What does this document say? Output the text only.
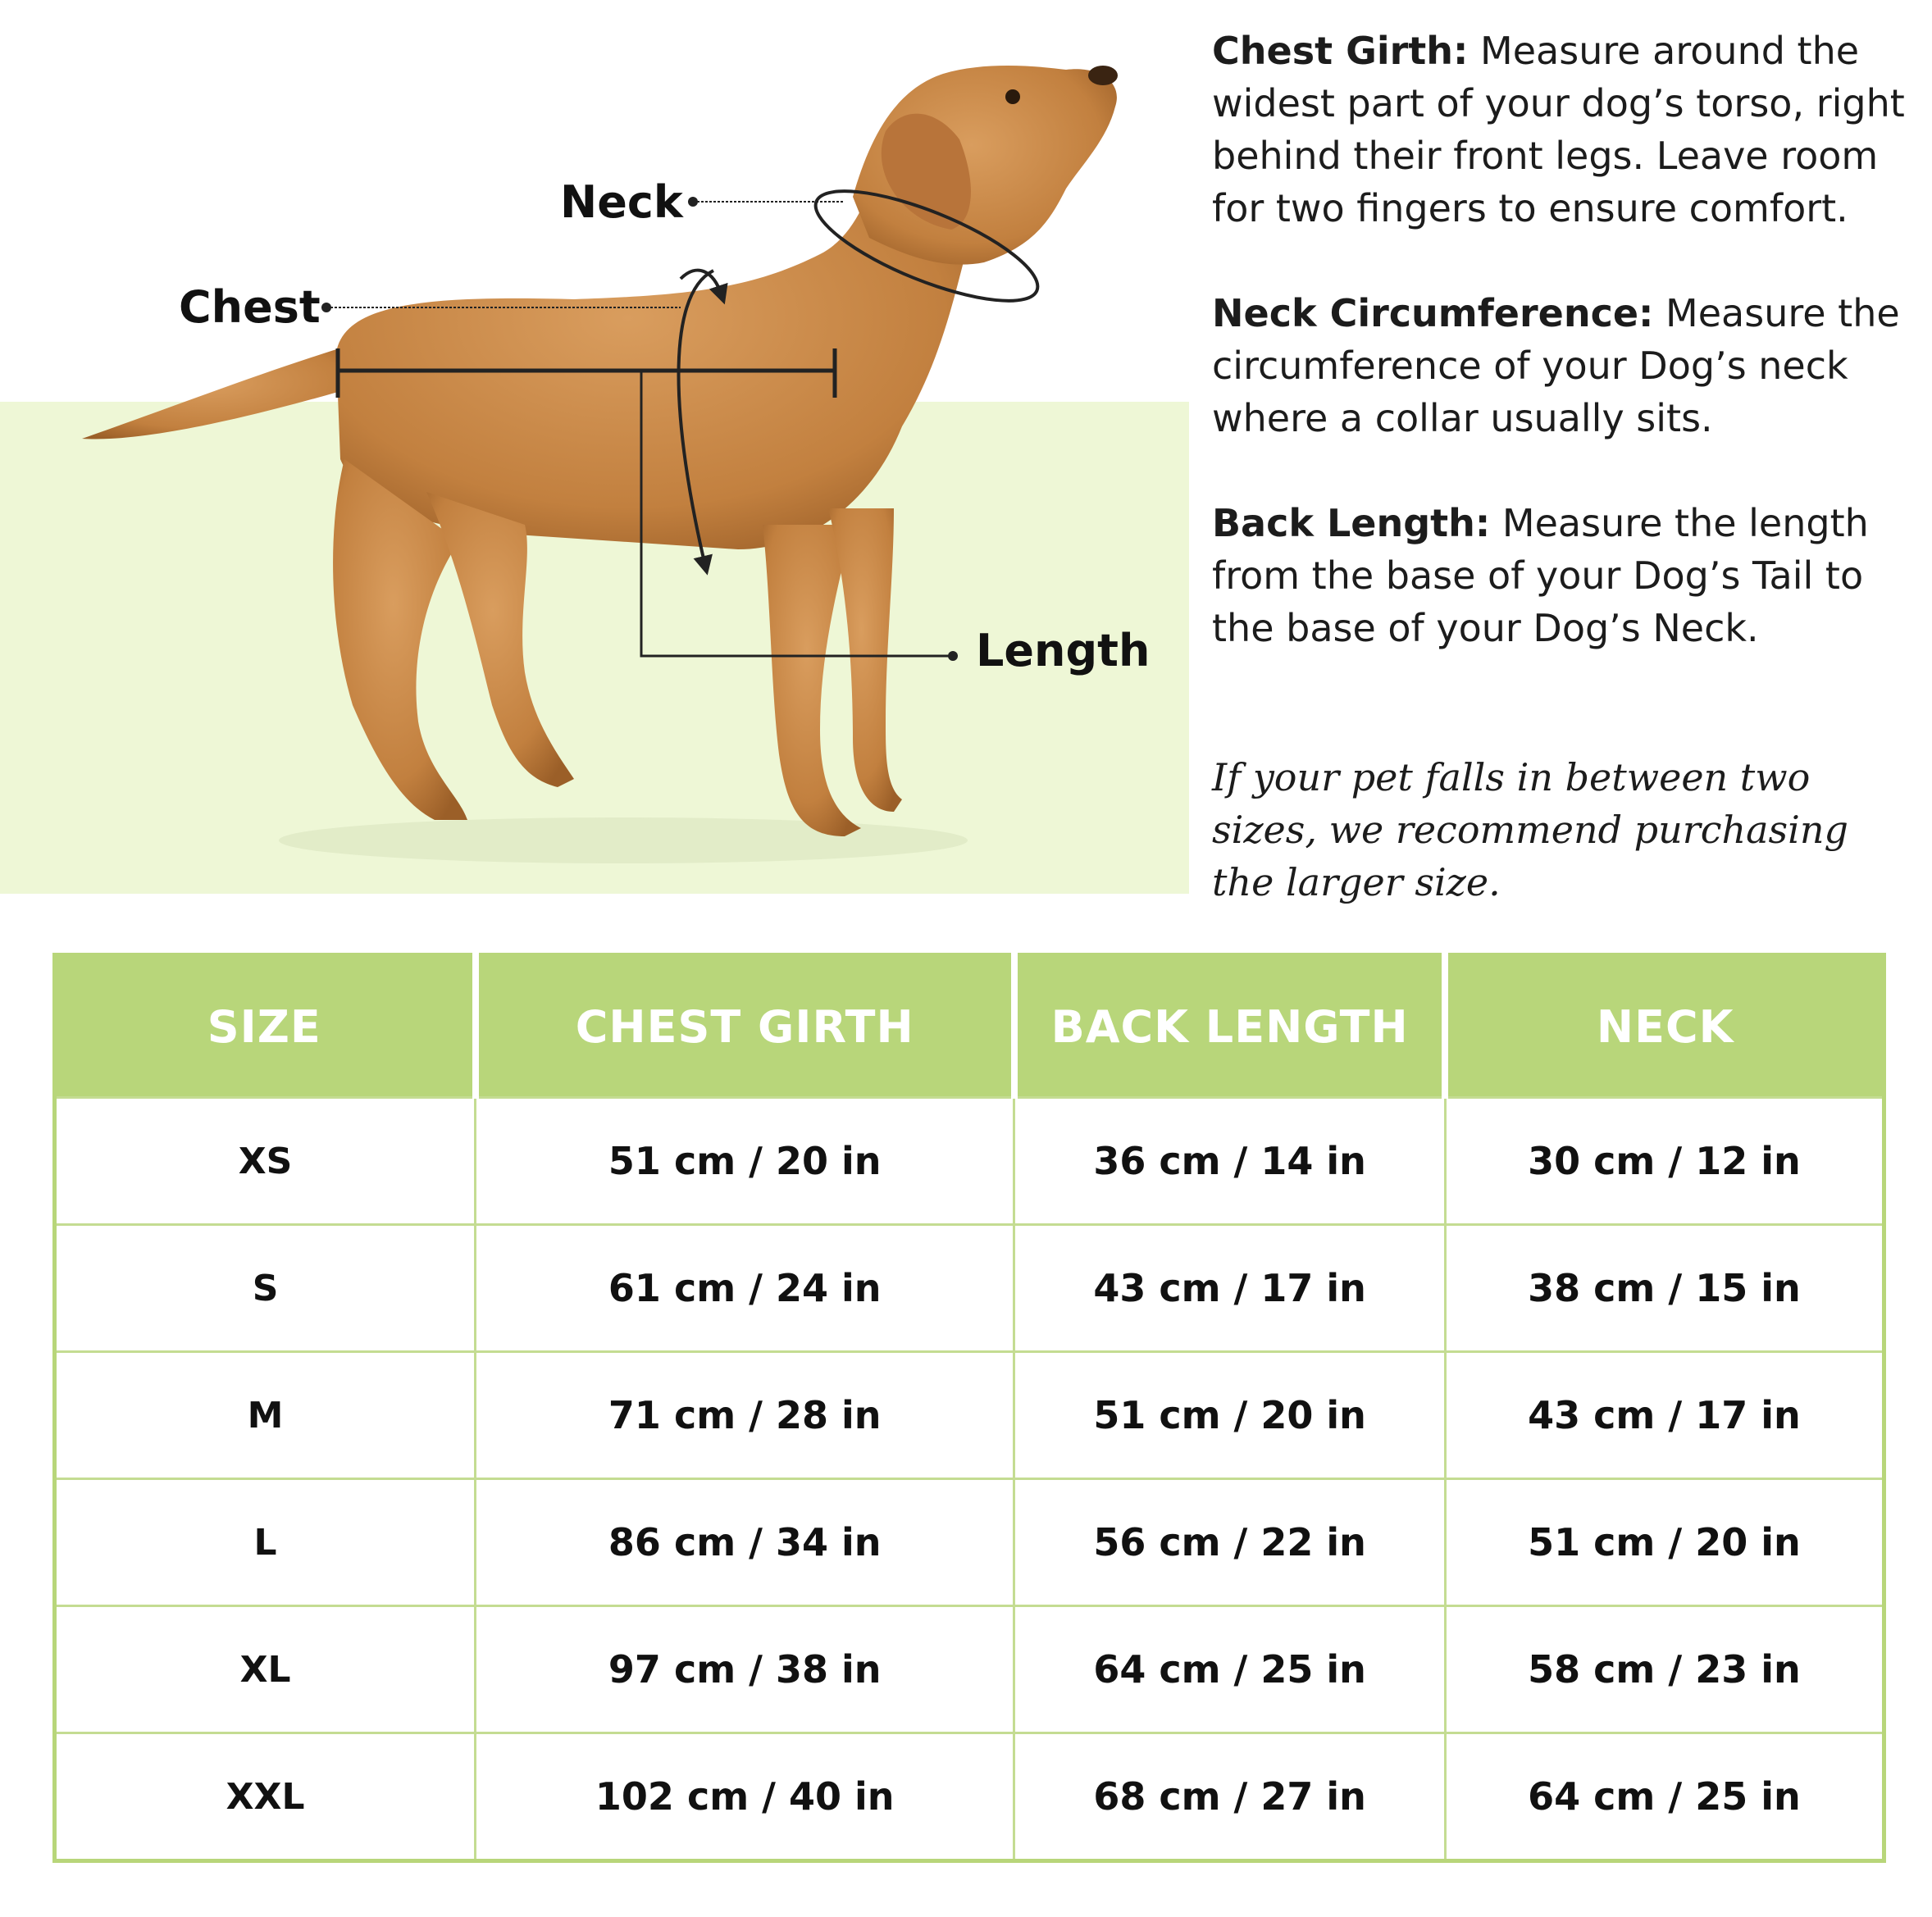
Neck
Chest
Length

Chest Girth: Measure around the widest part of your dog’s torso, right behind their front legs. Leave room for two fingers to ensure comfort.

Neck Circumference: Measure the circumference of your Dog’s neck where a collar usually sits.

Back Length: Measure the length from the base of your Dog’s Tail to the base of your Dog’s Neck.

If your pet falls in between two sizes, we recommend purchasing the larger size.

SIZE	CHEST GIRTH	BACK LENGTH	NECK
XS	51 cm / 20 in	36 cm / 14 in	30 cm / 12 in
S	61 cm / 24 in	43 cm / 17 in	38 cm / 15 in
M	71 cm / 28 in	51 cm / 20 in	43 cm / 17 in
L	86 cm / 34 in	56 cm / 22 in	51 cm / 20 in
XL	97 cm / 38 in	64 cm / 25 in	58 cm / 23 in
XXL	102 cm / 40 in	68 cm / 27 in	64 cm / 25 in
